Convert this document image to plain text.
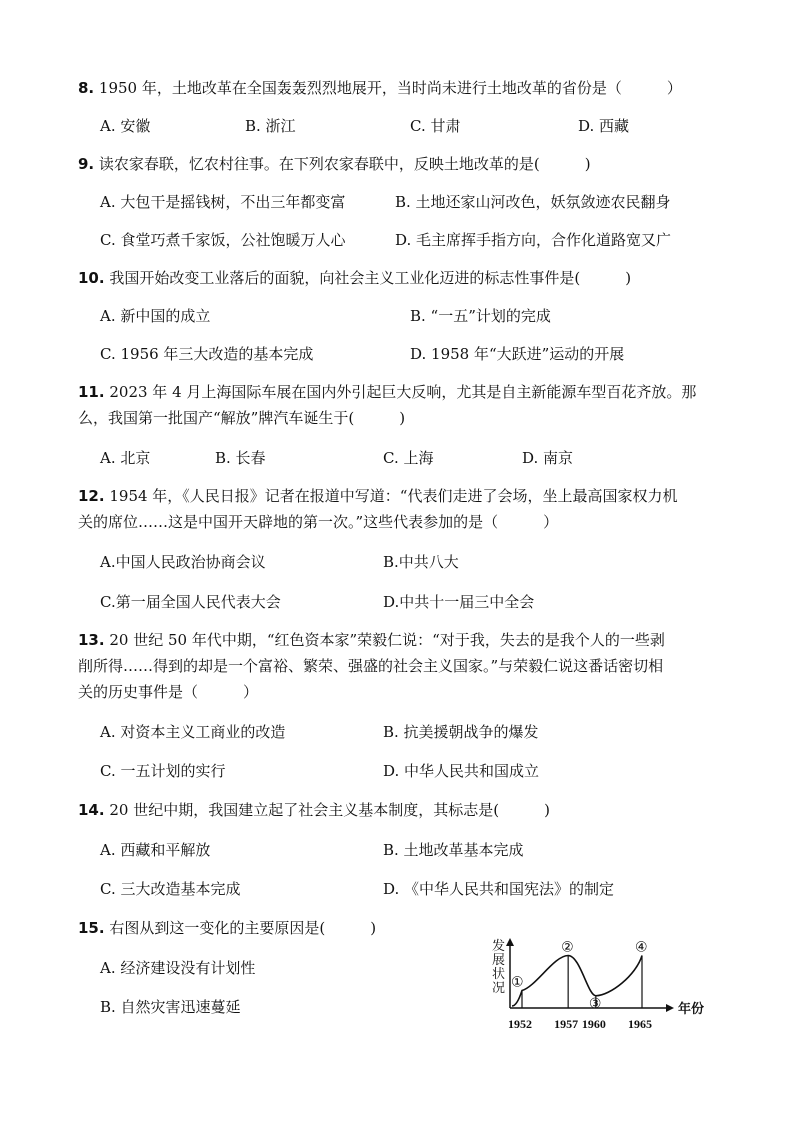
8. 1950 年，土地改革在全国轰轰烈烈地展开，当时尚未进行土地改革的省份是（　　　）
A. 安徽	B. 浙江	C. 甘肃	D. 西藏
9. 读农家春联，忆农村往事。在下列农家春联中，反映土地改革的是(　　　)
A. 大包干是摇钱树，不出三年都变富	B. 土地还家山河改色，妖氛敛迹农民翻身
C. 食堂巧煮千家饭，公社饱暖万人心	D. 毛主席挥手指方向，合作化道路宽又广
10. 我国开始改变工业落后的面貌，向社会主义工业化迈进的标志性事件是(　　　)
A. 新中国的成立	B. “一五”计划的完成
C. 1956 年三大改造的基本完成	D. 1958 年“大跃进”运动的开展
11. 2023 年 4 月上海国际车展在国内外引起巨大反响，尤其是自主新能源车型百花齐放。那
么，我国第一批国产“解放”牌汽车诞生于(　　　)
A. 北京	B. 长春	C. 上海	D. 南京
12. 1954 年，《人民日报》记者在报道中写道：“代表们走进了会场，坐上最高国家权力机
关的席位……这是中国开天辟地的第一次。”这些代表参加的是（　　　）
A.中国人民政治协商会议	B.中共八大
C.第一届全国人民代表大会	D.中共十一届三中全会
13. 20 世纪 50 年代中期，“红色资本家”荣毅仁说：“对于我，失去的是我个人的一些剥
削所得……得到的却是一个富裕、繁荣、强盛的社会主义国家。”与荣毅仁说这番话密切相
关的历史事件是（　　　）
A. 对资本主义工商业的改造	B. 抗美援朝战争的爆发
C. 一五计划的实行	D. 中华人民共和国成立
14. 20 世纪中期，我国建立起了社会主义基本制度，其标志是(　　　)
A. 西藏和平解放	B. 土地改革基本完成
C. 三大改造基本完成	D. 《中华人民共和国宪法》的制定
15. 右图从到这一变化的主要原因是(　　　)
A. 经济建设没有计划性
B. 自然灾害迅速蔓延
发展状况
年份
①
1952
②
1957
③
1960
④
1965
